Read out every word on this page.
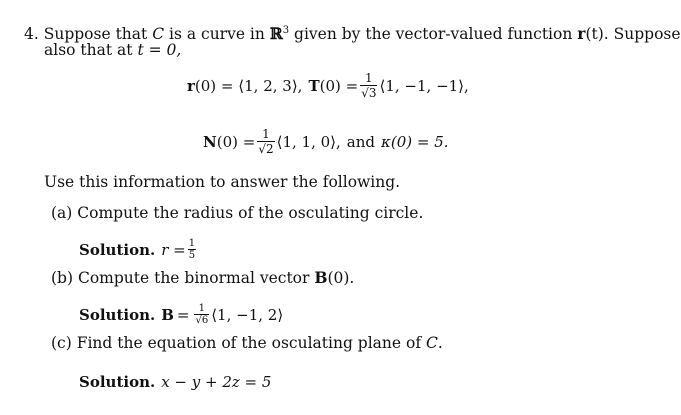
4. Suppose that C is a curve in ℝ$^3$ given by the vector-valued function r(t). Suppose
also that at t = 0,
r (0) = ⟨1, 2, 3⟩, T $(0) = \frac{1}{√3}$ ⟨1, −1, −1⟩,
N $(0) = \frac{1}{√2}$ ⟨1, 1, 0⟩, and κ(0) = 5.
Use this information to answer the following.
(a) Compute the radius of the osculating circle.
Solution. $r = \frac{1}{5}$
(b) Compute the binormal vector B(0).
Solution. $B = \frac{1}{√6}$ ⟨1, −1, 2⟩
(c) Find the equation of the osculating plane of C.
Solution. x − y + 2z = 5
